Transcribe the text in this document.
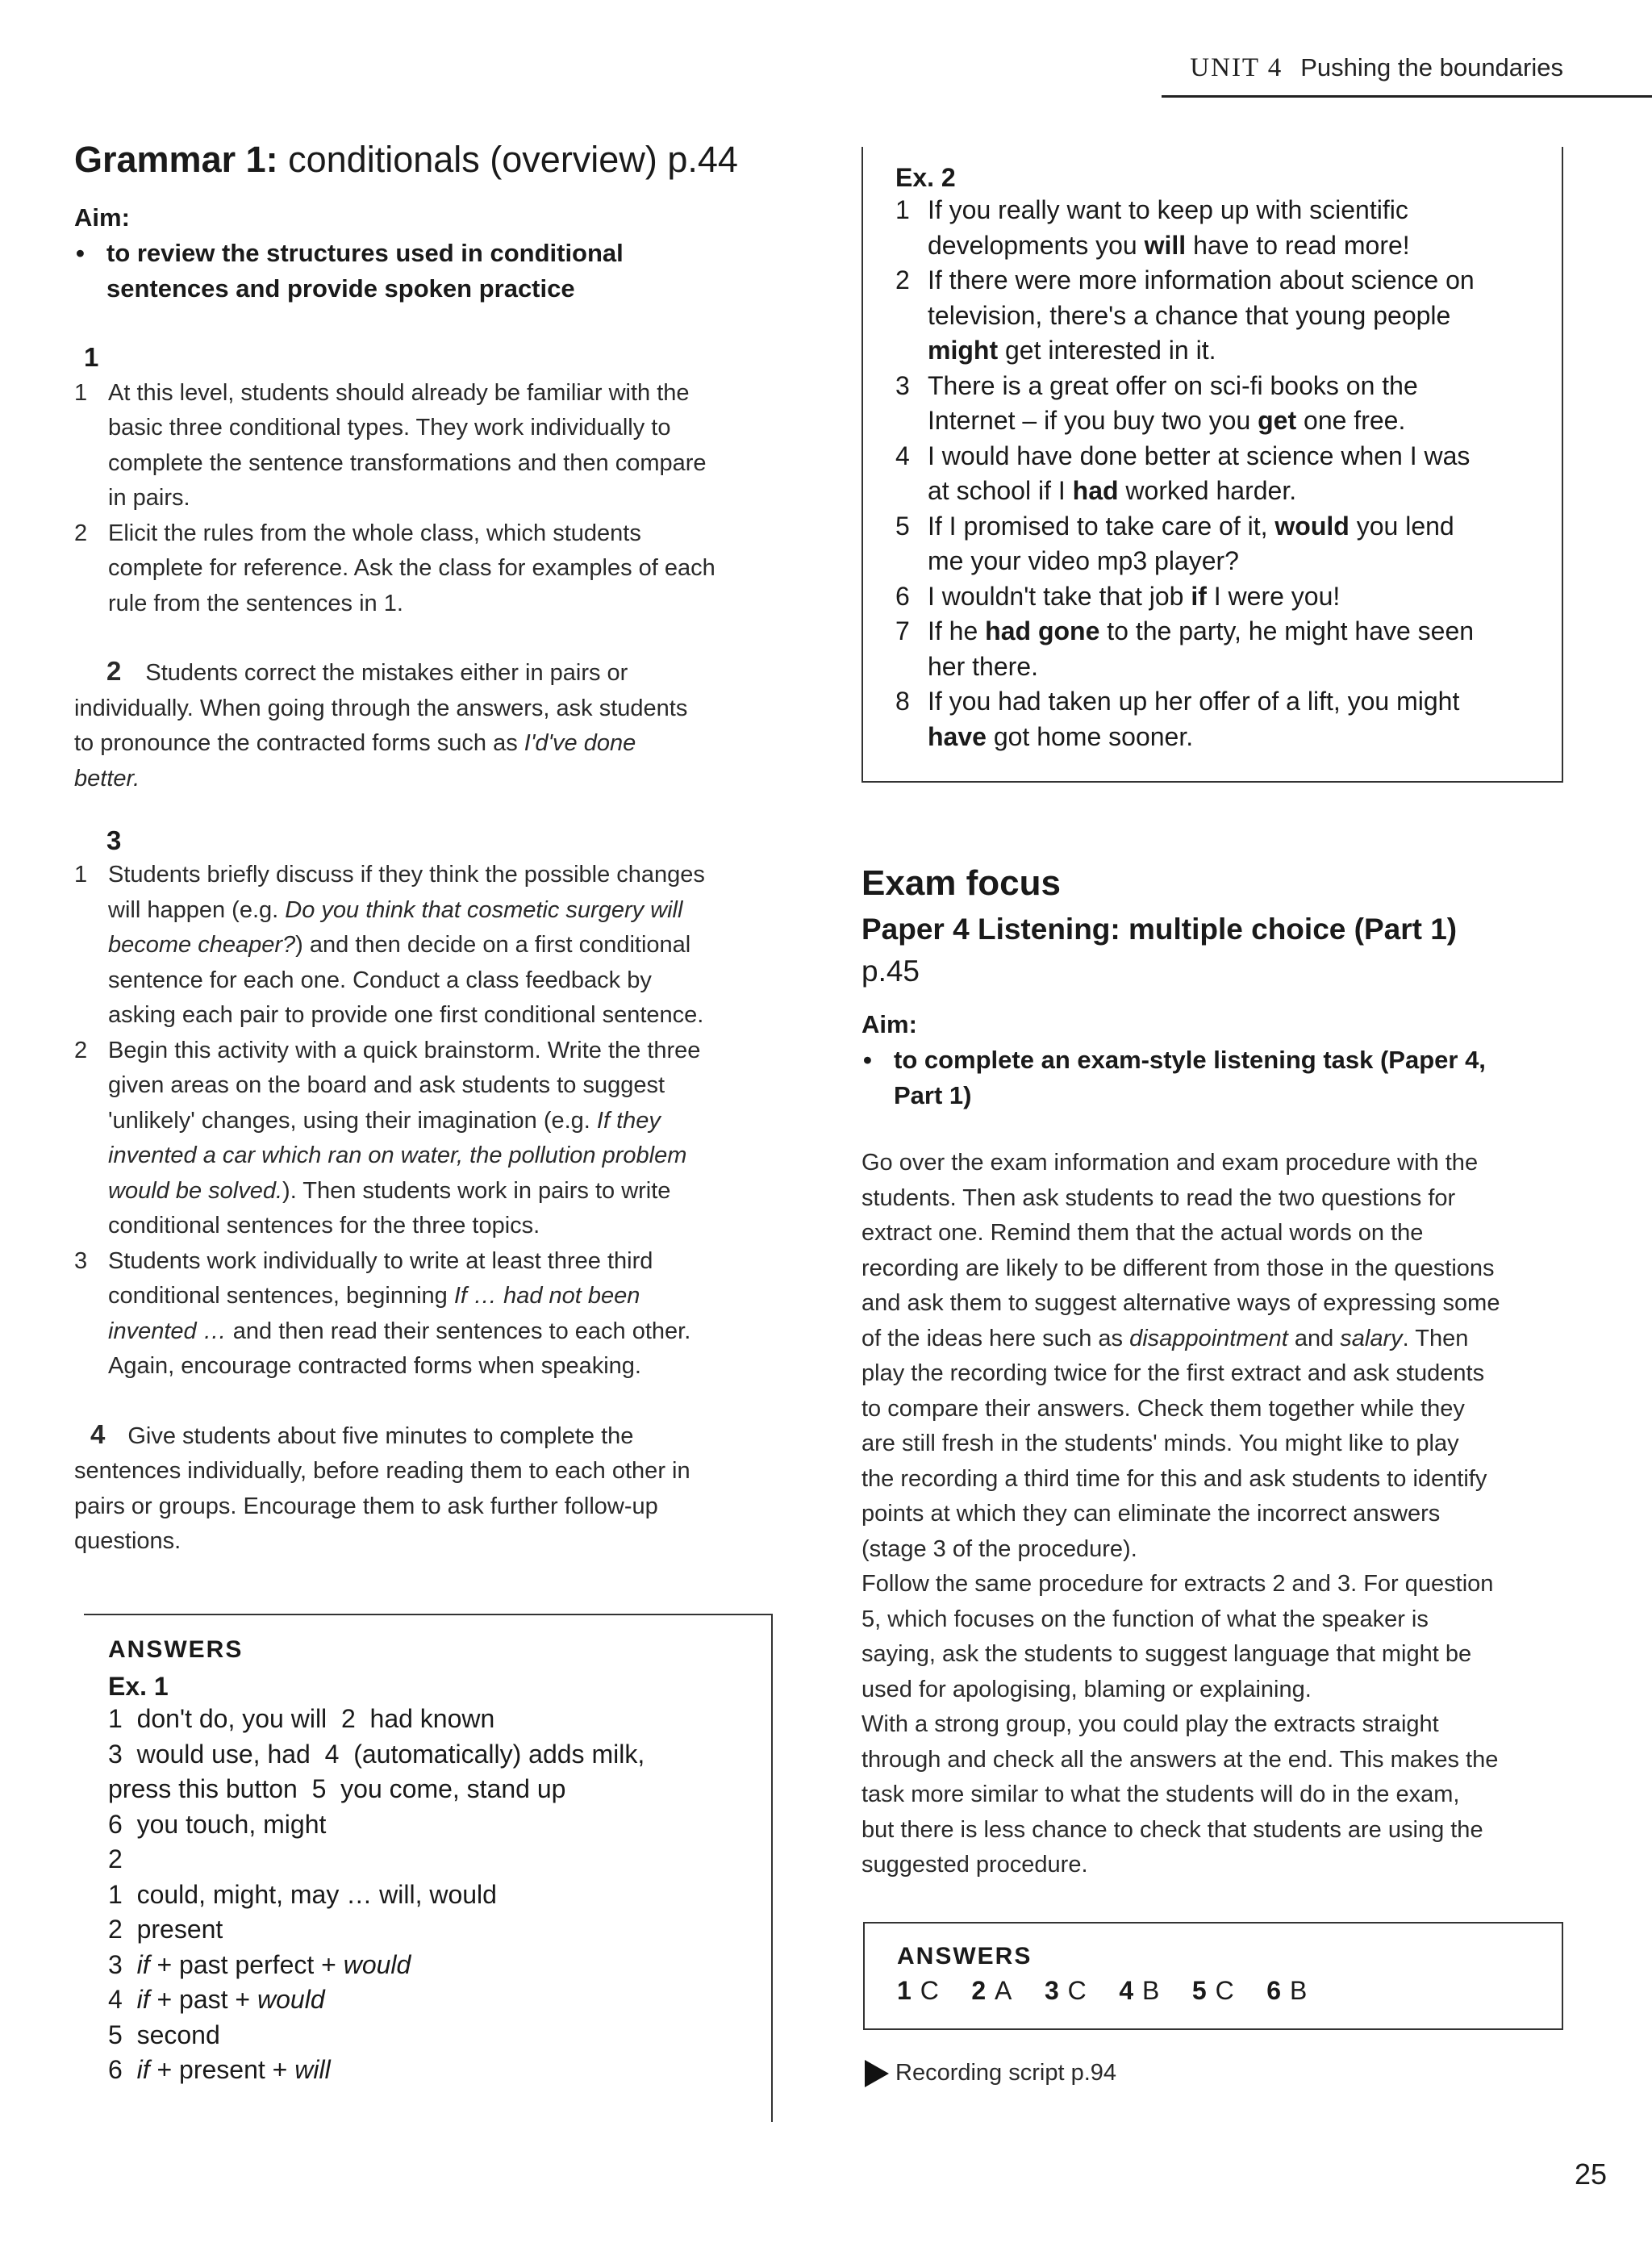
UNIT 4 Pushing the boundaries
Grammar 1: conditionals (overview) p.44
Aim:
• to review the structures used in conditional
sentences and provide spoken practice
1
1 At this level, students should already be familiar with the
basic three conditional types. They work individually to
complete the sentence transformations and then compare
in pairs.
2 Elicit the rules from the whole class, which students
complete for reference. Ask the class for examples of each
rule from the sentences in 1.
2 Students correct the mistakes either in pairs or
individually. When going through the answers, ask students
to pronounce the contracted forms such as I'd've done
better.
3
1 Students briefly discuss if they think the possible changes
will happen (e.g. Do you think that cosmetic surgery will
become cheaper?) and then decide on a first conditional
sentence for each one. Conduct a class feedback by
asking each pair to provide one first conditional sentence.
2 Begin this activity with a quick brainstorm. Write the three
given areas on the board and ask students to suggest
'unlikely' changes, using their imagination (e.g. If they
invented a car which ran on water, the pollution problem
would be solved.). Then students work in pairs to write
conditional sentences for the three topics.
3 Students work individually to write at least three third
conditional sentences, beginning If … had not been
invented … and then read their sentences to each other.
Again, encourage contracted forms when speaking.
4 Give students about five minutes to complete the
sentences individually, before reading them to each other in
pairs or groups. Encourage them to ask further follow-up
questions.
ANSWERS
Ex. 1
1 don't do, you will 2 had known
3 would use, had 4 (automatically) adds milk,
press this button 5 you come, stand up
6 you touch, might
2
1 could, might, may … will, would
2 present
3 if + past perfect + would
4 if + past + would
5 second
6 if + present + will
Ex. 2
1 If you really want to keep up with scientific
developments you will have to read more!
2 If there were more information about science on
television, there's a chance that young people
might get interested in it.
3 There is a great offer on sci-fi books on the
Internet – if you buy two you get one free.
4 I would have done better at science when I was
at school if I had worked harder.
5 If I promised to take care of it, would you lend
me your video mp3 player?
6 I wouldn't take that job if I were you!
7 If he had gone to the party, he might have seen
her there.
8 If you had taken up her offer of a lift, you might
have got home sooner.
Exam focus
Paper 4 Listening: multiple choice (Part 1)
p.45
Aim:
• to complete an exam-style listening task (Paper 4,
Part 1)
Go over the exam information and exam procedure with the
students. Then ask students to read the two questions for
extract one. Remind them that the actual words on the
recording are likely to be different from those in the questions
and ask them to suggest alternative ways of expressing some
of the ideas here such as disappointment and salary. Then
play the recording twice for the first extract and ask students
to compare their answers. Check them together while they
are still fresh in the students' minds. You might like to play
the recording a third time for this and ask students to identify
points at which they can eliminate the incorrect answers
(stage 3 of the procedure).
Follow the same procedure for extracts 2 and 3. For question
5, which focuses on the function of what the speaker is
saying, ask the students to suggest language that might be
used for apologising, blaming or explaining.
With a strong group, you could play the extracts straight
through and check all the answers at the end. This makes the
task more similar to what the students will do in the exam,
but there is less chance to check that students are using the
suggested procedure.
ANSWERS
1 C 2 A 3 C 4 B 5 C 6 B
Recording script p.94
25
